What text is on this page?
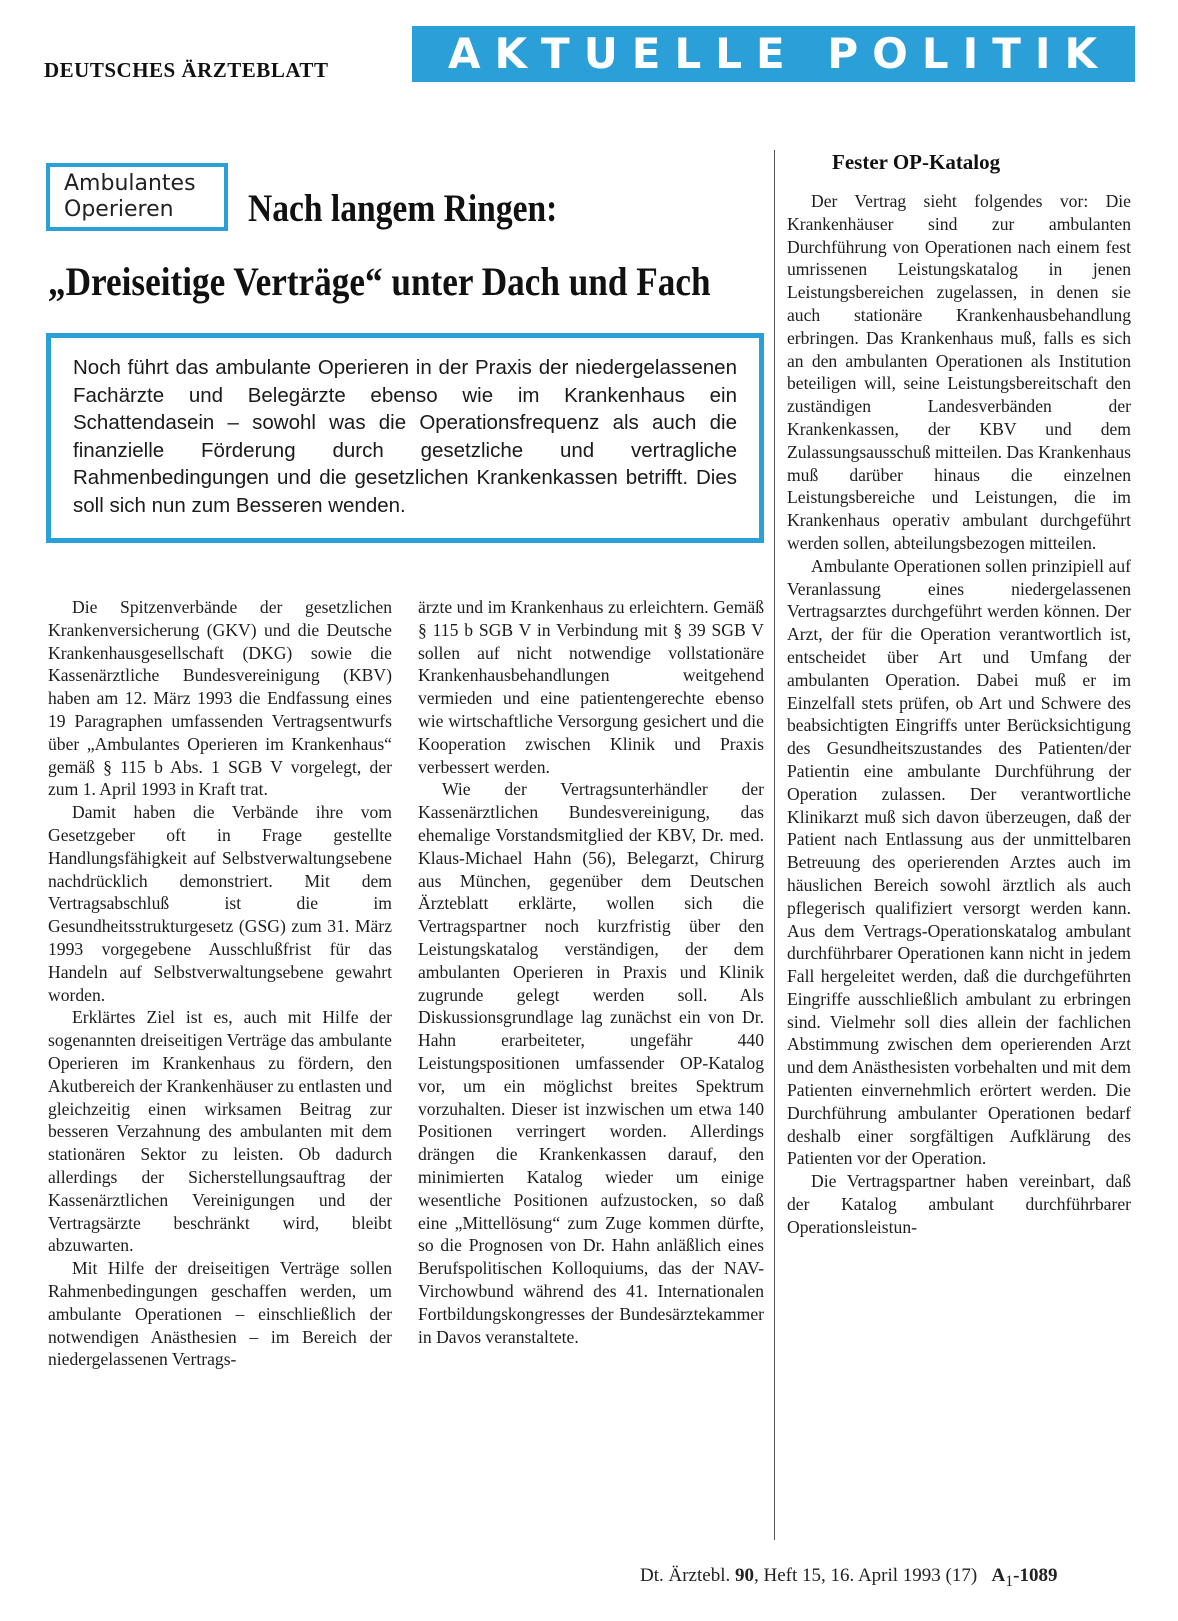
DEUTSCHES ÄRZTEBLATT	AKTUELLE POLITIK
Ambulantes
Operieren	Nach langem Ringen:
„Dreiseitige Verträge“ unter Dach und Fach
Noch führt das ambulante Operieren in der Praxis der niedergelassenen Fachärzte und Belegärzte ebenso wie im Krankenhaus ein Schattendasein – sowohl was die Operationsfrequenz als auch die finanzielle Förderung durch gesetzliche und vertragliche Rahmenbedingungen und die gesetzlichen Krankenkassen betrifft. Dies soll sich nun zum Besseren wenden.

Die Spitzenverbände der gesetzlichen Krankenversicherung (GKV) und die Deutsche Krankenhausgesellschaft (DKG) sowie die Kassenärztliche Bundesvereinigung (KBV) haben am 12. März 1993 die Endfassung eines 19 Paragraphen umfassenden Vertragsentwurfs über „Ambulantes Operieren im Krankenhaus“ gemäß § 115 b Abs. 1 SGB V vorgelegt, der zum 1. April 1993 in Kraft trat.

Damit haben die Verbände ihre vom Gesetzgeber oft in Frage gestellte Handlungsfähigkeit auf Selbstverwaltungsebene nachdrücklich demonstriert. Mit dem Vertragsabschluß ist die im Gesundheitsstrukturgesetz (GSG) zum 31. März 1993 vorgegebene Ausschlußfrist für das Handeln auf Selbstverwaltungsebene gewahrt worden.

Erklärtes Ziel ist es, auch mit Hilfe der sogenannten dreiseitigen Verträge das ambulante Operieren im Krankenhaus zu fördern, den Akutbereich der Krankenhäuser zu entlasten und gleichzeitig einen wirksamen Beitrag zur besseren Verzahnung des ambulanten mit dem stationären Sektor zu leisten. Ob dadurch allerdings der Sicherstellungsauftrag der Kassenärztlichen Vereinigungen und der Vertragsärzte beschränkt wird, bleibt abzuwarten.

Mit Hilfe der dreiseitigen Verträge sollen Rahmenbedingungen geschaffen werden, um ambulante Operationen – einschließlich der notwendigen Anästhesien – im Bereich der niedergelassenen Vertrags-

ärzte und im Krankenhaus zu erleichtern. Gemäß § 115 b SGB V in Verbindung mit § 39 SGB V sollen auf nicht notwendige vollstationäre Krankenhausbehandlungen weitgehend vermieden und eine patientengerechte ebenso wie wirtschaftliche Versorgung gesichert und die Kooperation zwischen Klinik und Praxis verbessert werden.

Wie der Vertragsunterhändler der Kassenärztlichen Bundesvereinigung, das ehemalige Vorstandsmitglied der KBV, Dr. med. Klaus-Michael Hahn (56), Belegarzt, Chirurg aus München, gegenüber dem Deutschen Ärzteblatt erklärte, wollen sich die Vertragspartner noch kurzfristig über den Leistungskatalog verständigen, der dem ambulanten Operieren in Praxis und Klinik zugrunde gelegt werden soll. Als Diskussionsgrundlage lag zunächst ein von Dr. Hahn erarbeiteter, ungefähr 440 Leistungspositionen umfassender OP-Katalog vor, um ein möglichst breites Spektrum vorzuhalten. Dieser ist inzwischen um etwa 140 Positionen verringert worden. Allerdings drängen die Krankenkassen darauf, den minimierten Katalog wieder um einige wesentliche Positionen aufzustocken, so daß eine „Mittellösung“ zum Zuge kommen dürfte, so die Prognosen von Dr. Hahn anläßlich eines Berufspolitischen Kolloquiums, das der NAV-Virchowbund während des 41. Internationalen Fortbildungskongresses der Bundesärztekammer in Davos veranstaltete.

Fester OP-Katalog

Der Vertrag sieht folgendes vor: Die Krankenhäuser sind zur ambulanten Durchführung von Operationen nach einem fest umrissenen Leistungskatalog in jenen Leistungsbereichen zugelassen, in denen sie auch stationäre Krankenhausbehandlung erbringen. Das Krankenhaus muß, falls es sich an den ambulanten Operationen als Institution beteiligen will, seine Leistungsbereitschaft den zuständigen Landesverbänden der Krankenkassen, der KBV und dem Zulassungsausschuß mitteilen. Das Krankenhaus muß darüber hinaus die einzelnen Leistungsbereiche und Leistungen, die im Krankenhaus operativ ambulant durchgeführt werden sollen, abteilungsbezogen mitteilen.

Ambulante Operationen sollen prinzipiell auf Veranlassung eines niedergelassenen Vertragsarztes durchgeführt werden können. Der Arzt, der für die Operation verantwortlich ist, entscheidet über Art und Umfang der ambulanten Operation. Dabei muß er im Einzelfall stets prüfen, ob Art und Schwere des beabsichtigten Eingriffs unter Berücksichtigung des Gesundheitszustandes des Patienten/der Patientin eine ambulante Durchführung der Operation zulassen. Der verantwortliche Klinikarzt muß sich davon überzeugen, daß der Patient nach Entlassung aus der unmittelbaren Betreuung des operierenden Arztes auch im häuslichen Bereich sowohl ärztlich als auch pflegerisch qualifiziert versorgt werden kann. Aus dem Vertrags-Operationskatalog ambulant durchführbarer Operationen kann nicht in jedem Fall hergeleitet werden, daß die durchgeführten Eingriffe ausschließlich ambulant zu erbringen sind. Vielmehr soll dies allein der fachlichen Abstimmung zwischen dem operierenden Arzt und dem Anästhesisten vorbehalten und mit dem Patienten einvernehmlich erörtert werden. Die Durchführung ambulanter Operationen bedarf deshalb einer sorgfältigen Aufklärung des Patienten vor der Operation.

Die Vertragspartner haben vereinbart, daß der Katalog ambulant durchführbarer Operationsleistun-

Dt. Ärztebl. 90, Heft 15, 16. April 1993 (17) $A_1-1089$
